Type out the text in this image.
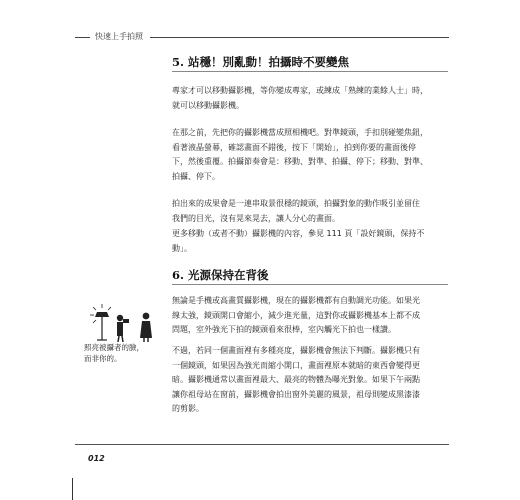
快速上手拍照
5. 站穩！別亂動！拍攝時不要變焦

專家才可以移動攝影機，等你變成專家，或練成「熟練的業餘人士」時，
就可以移動攝影機。

在那之前，先把你的攝影機當成照相機吧。對準鏡頭，手扣別碰變焦鈕，
看著液晶螢幕，確認畫面不錯後，按下「開始」，拍到你要的畫面後停
下，然後重覆。拍攝節奏會是：移動、對準、拍攝、停下；移動、對準、
拍攝、停下。

拍出來的成果會是一連串取景很穩的鏡頭，拍攝對象的動作吸引並留住
我們的目光，沒有晃來晃去，讓人分心的畫面。

更多移動（或者不動）攝影機的內容，參見 111 頁「設好鏡頭，保持不
動」。

6. 光源保持在背後

無論是手機或高畫質攝影機，現在的攝影機都有自動調光功能。如果光
線太強，鏡頭開口會縮小，減少進光量，這對你或攝影機基本上都不成
問題，室外強光下拍的鏡頭看來很棒，室內觸光下拍也一樣讚。

不過，若同一個畫面裡有多種亮度，攝影機會無法下判斷。攝影機只有
一個鏡頭，如果因為強光而縮小開口，畫面裡原本就暗的東西會變得更
暗。攝影機通常以畫面裡最大、最亮的物體為曝光對象。如果下午兩點
讓你祖母站在窗前，攝影機會拍出窗外美麗的風景，祖母則變成黑漆漆
的剪影。

照亮被攝者的臉，
而非你的。
012
